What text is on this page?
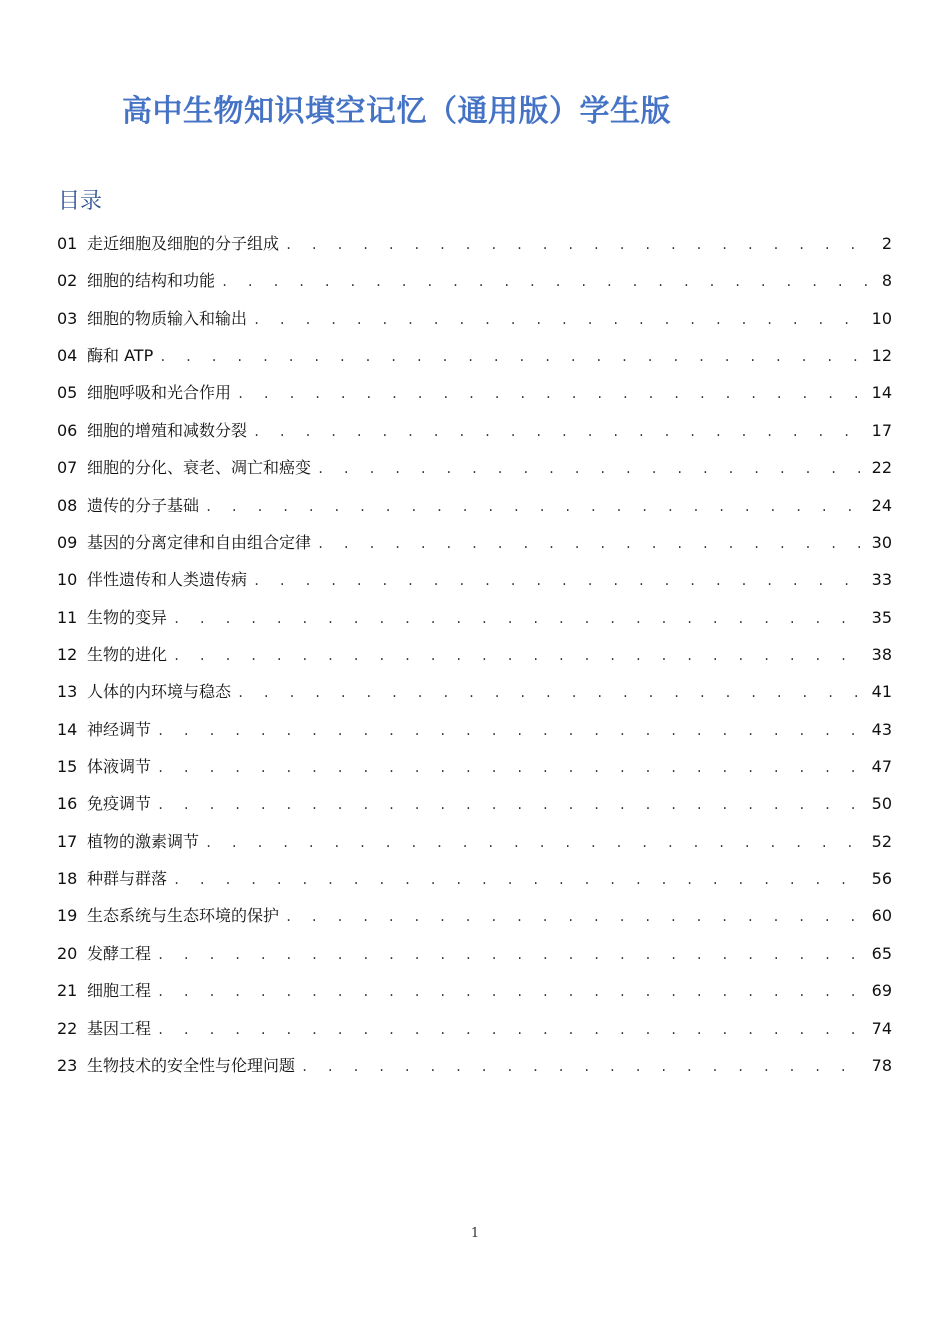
高中生物知识填空记忆（通用版）学生版
目录
01 走近细胞及细胞的分子组成 . . .	2
02 细胞的结构和功能 . . .	8
03 细胞的物质输入和输出 . . .	10
04 酶和 ATP . . .	12
05 细胞呼吸和光合作用 . . .	14
06 细胞的增殖和减数分裂 . . .	17
07 细胞的分化、衰老、凋亡和癌变 . . .	22
08 遗传的分子基础 . . .	24
09 基因的分离定律和自由组合定律 . . .	30
10 伴性遗传和人类遗传病 . . .	33
11 生物的变异 . . .	35
12 生物的进化 . . .	38
13 人体的内环境与稳态 . . .	41
14 神经调节 . . .	43
15 体液调节 . . .	47
16 免疫调节 . . .	50
17 植物的激素调节 . . .	52
18 种群与群落 . . .	56
19 生态系统与生态环境的保护 . . .	60
20 发酵工程 . . .	65
21 细胞工程 . . .	69
22 基因工程 . . .	74
23 生物技术的安全性与伦理问题 . . .	78
1
